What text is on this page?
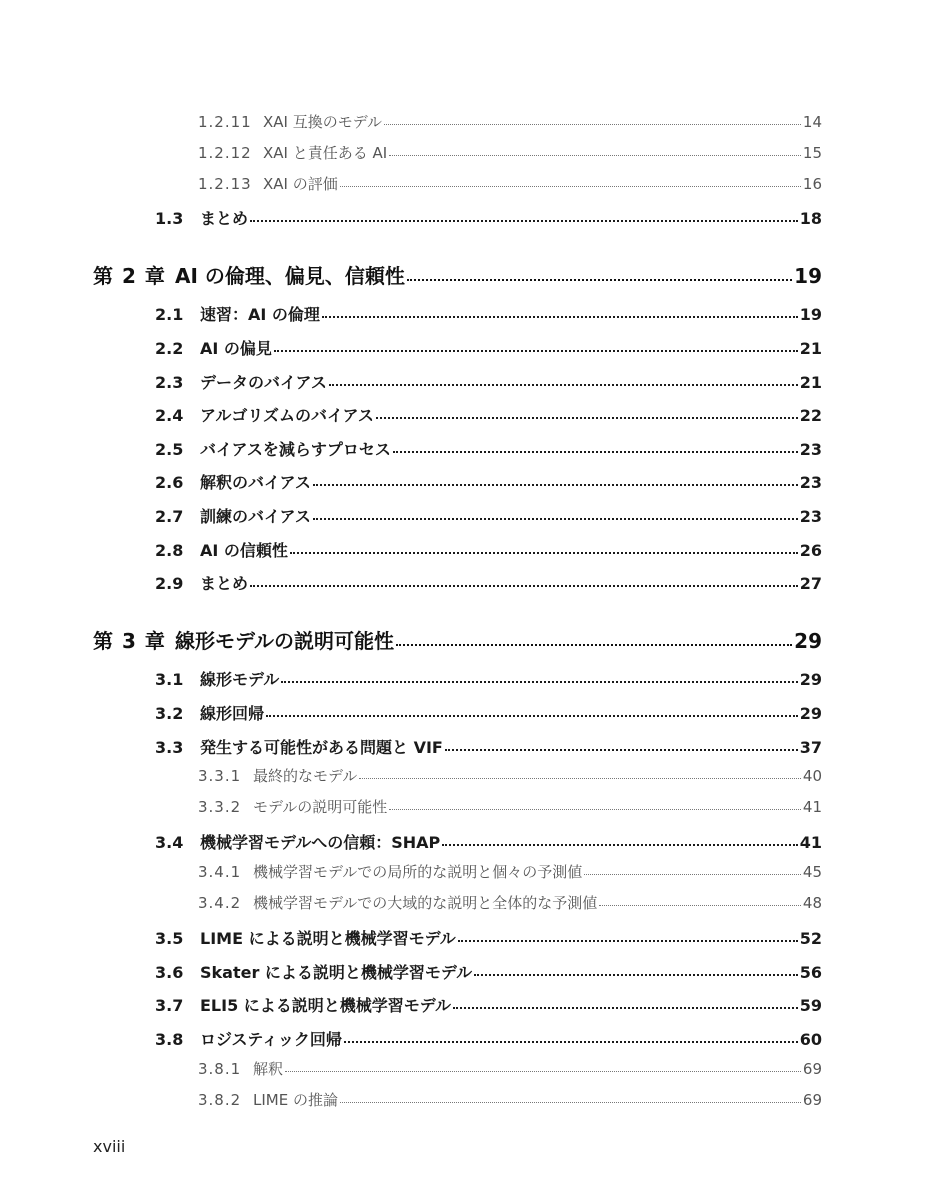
1.2.11 XAI 互換のモデル	14
1.2.12 XAI と責任ある AI	15
1.2.13 XAI の評価	16
1.3	まとめ	18
第 2 章 AI の倫理、偏見、信頼性	19
2.1	速習：AI の倫理	19
2.2	AI の偏見	21
2.3	データのバイアス	21
2.4	アルゴリズムのバイアス	22
2.5	バイアスを減らすプロセス	23
2.6	解釈のバイアス	23
2.7	訓練のバイアス	23
2.8	AI の信頼性	26
2.9	まとめ	27
第 3 章 線形モデルの説明可能性	29
3.1	線形モデル	29
3.2	線形回帰	29
3.3	発生する可能性がある問題と VIF	37
3.3.1 最終的なモデル	40
3.3.2 モデルの説明可能性	41
3.4	機械学習モデルへの信頼：SHAP	41
3.4.1 機械学習モデルでの局所的な説明と個々の予測値	45
3.4.2 機械学習モデルでの大域的な説明と全体的な予測値	48
3.5	LIME による説明と機械学習モデル	52
3.6	Skater による説明と機械学習モデル	56
3.7	ELI5 による説明と機械学習モデル	59
3.8	ロジスティック回帰	60
3.8.1 解釈	69
3.8.2 LIME の推論	69
xviii
